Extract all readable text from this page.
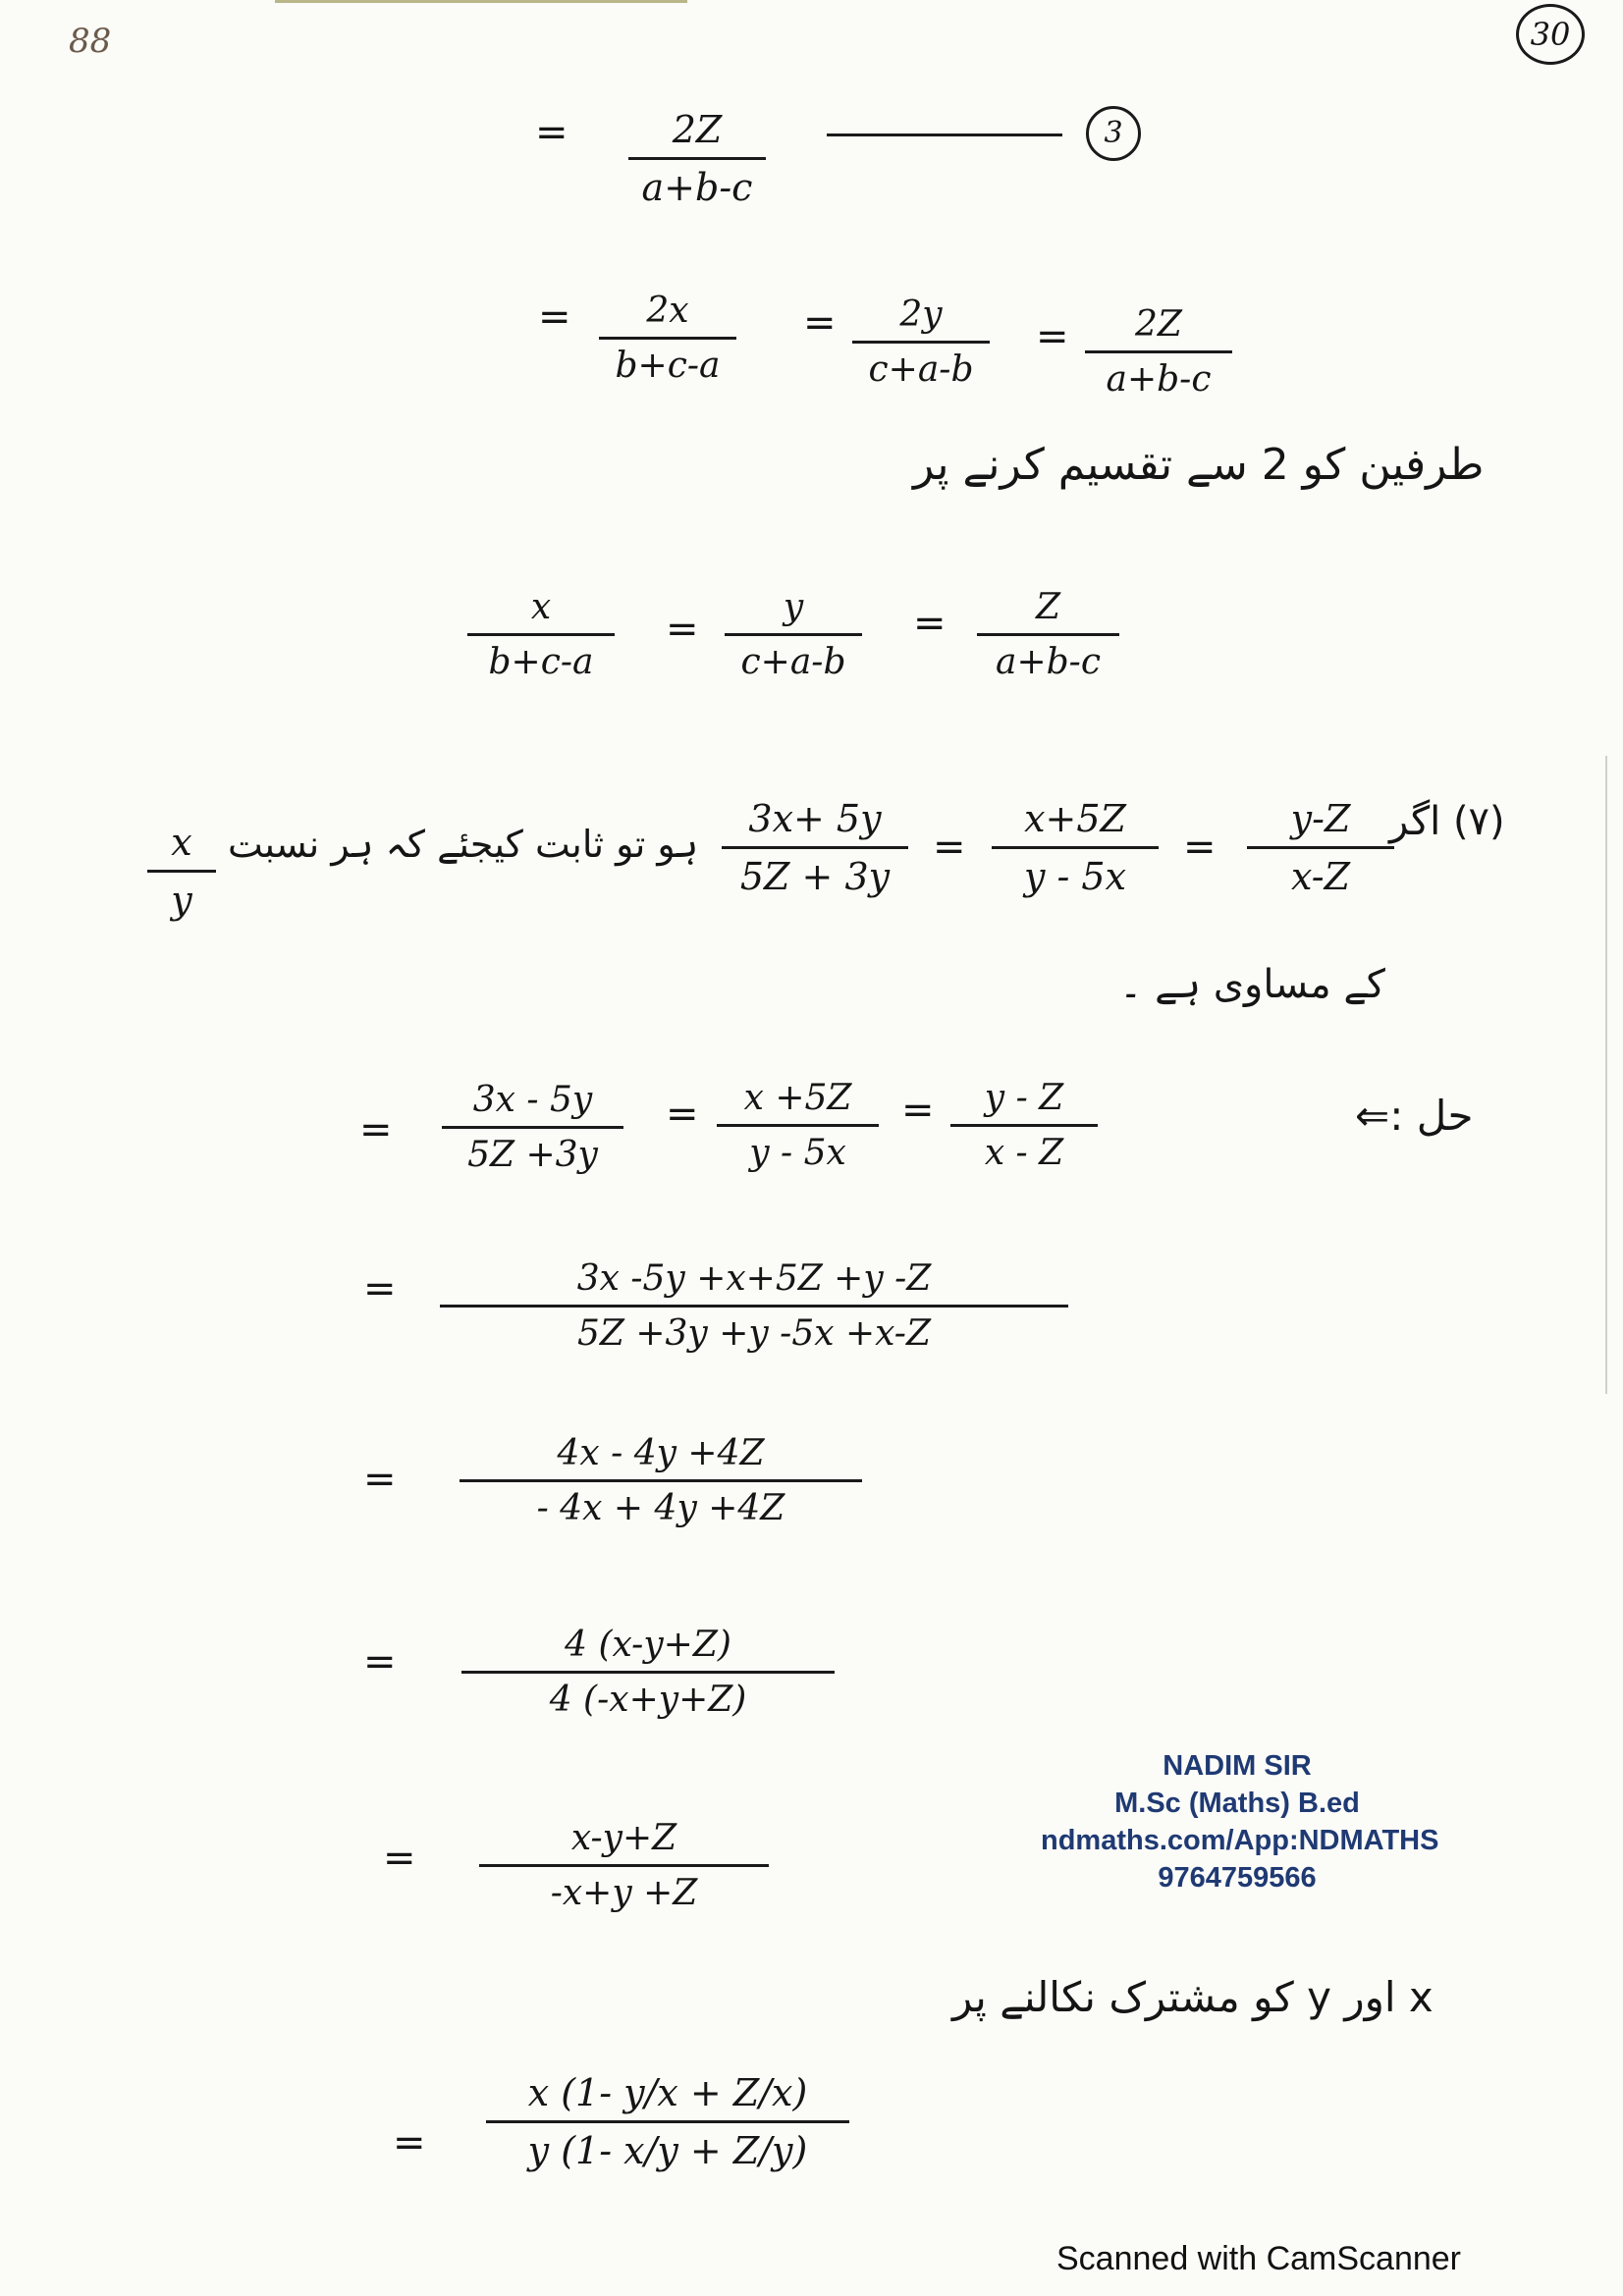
88	30
=	2Z
a+b-c
3
=	2x
b+c-a
=	2y
c+a-b
=	2Z
a+b-c
طرفین کو 2 سے تقسیم کرنے پر
x
b+c-a
=	y
c+a-b
=	Z
a+b-c
(۷) اگر
y-Z
x-Z
=
x+5Z
y - 5x
=
3x+ 5y
5Z + 3y
ہو تو ثابت کیجئے کہ ہر نسبت
x
y
کے مساوی ہے ۔
حل :⇐
=
3x - 5y
5Z +3y
=	x +5Z
y - 5x
=	y - Z
x - Z
=	3x -5y +x+5Z +y -Z
5Z +3y +y -5x +x-Z
=
4x - 4y +4Z
- 4x + 4y +4Z
=	4 (x-y+Z)
4 (-x+y+Z)
NADIM SIR
M.Sc (Maths) B.ed
ndmaths.com/App:NDMATHS
9764759566
=	x-y+Z
-x+y +Z
x اور y کو مشترک نکالنے پر
=
x (1- y/x + Z/x)
y (1- x/y + Z/y)
Scanned with CamScanner
